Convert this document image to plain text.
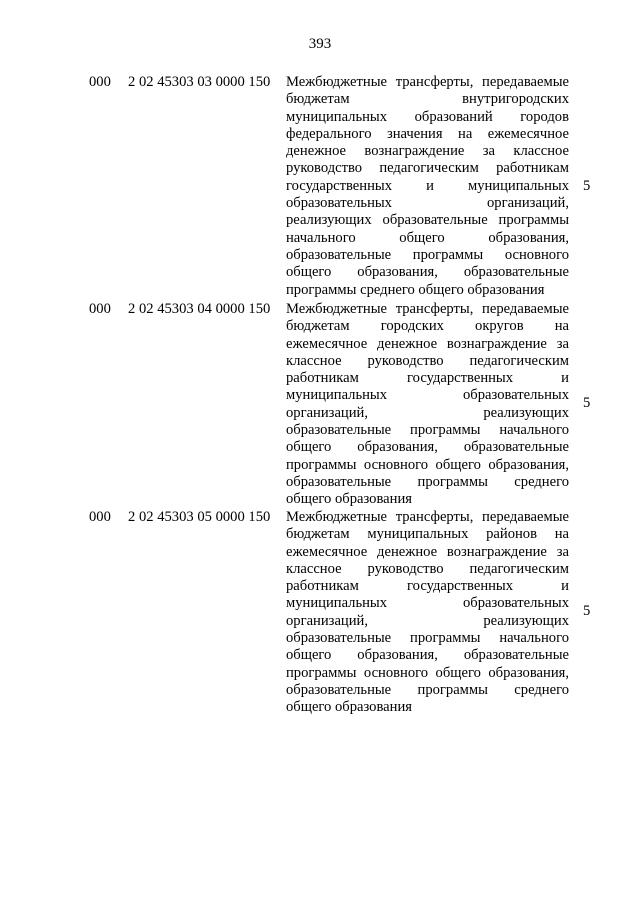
393
000 2 02 45303 03 0000 150 Межбюджетные трансферты, передаваемые
бюджетам внутригородских
муниципальных образований городов
федерального значения на ежемесячное
денежное вознаграждение за классное
руководство педагогическим работникам
государственных и муниципальных
образовательных организаций,
реализующих образовательные программы
начального общего образования,
образовательные программы основного
общего образования, образовательные
программы среднего общего образования
5
000 2 02 45303 04 0000 150 Межбюджетные трансферты, передаваемые
бюджетам городских округов на
ежемесячное денежное вознаграждение за
классное руководство педагогическим
работникам государственных и
муниципальных образовательных
организаций, реализующих
образовательные программы начального
общего образования, образовательные
программы основного общего образования,
образовательные программы среднего
общего образования
5
000 2 02 45303 05 0000 150 Межбюджетные трансферты, передаваемые
бюджетам муниципальных районов на
ежемесячное денежное вознаграждение за
классное руководство педагогическим
работникам государственных и
муниципальных образовательных
организаций, реализующих
образовательные программы начального
общего образования, образовательные
программы основного общего образования,
образовательные программы среднего
общего образования
5
